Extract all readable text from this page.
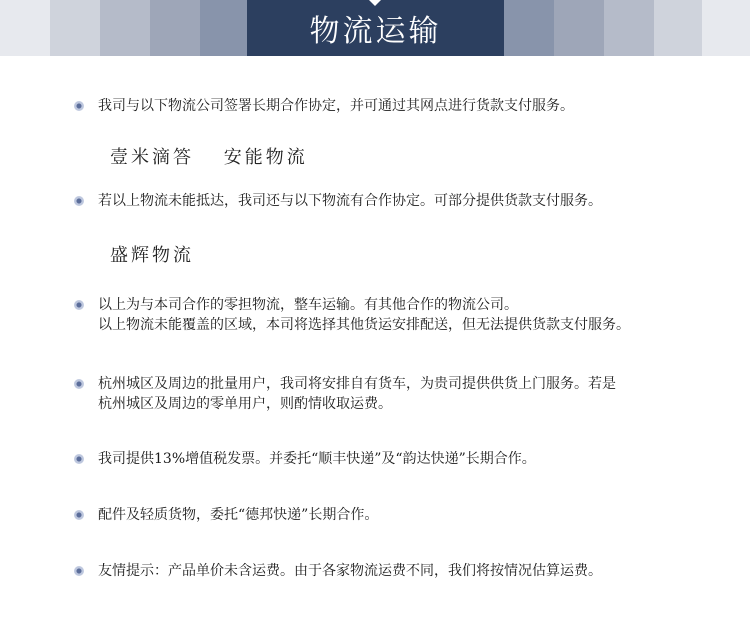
物流运输
我司与以下物流公司签署长期合作协定，并可通过其网点进行货款支付服务。
壹米滴答　 安能物流
若以上物流未能抵达，我司还与以下物流有合作协定。可部分提供货款支付服务。
盛辉物流
以上为与本司合作的零担物流，整车运输。有其他合作的物流公司。
以上物流未能覆盖的区域，本司将选择其他货运安排配送，但无法提供货款支付服务。
杭州城区及周边的批量用户，我司将安排自有货车，为贵司提供供货上门服务。若是
杭州城区及周边的零单用户，则酌情收取运费。
我司提供13%增值税发票。并委托“顺丰快递”及“韵达快递”长期合作。
配件及轻质货物，委托“德邦快递”长期合作。
友情提示：产品单价未含运费。由于各家物流运费不同，我们将按情况估算运费。
